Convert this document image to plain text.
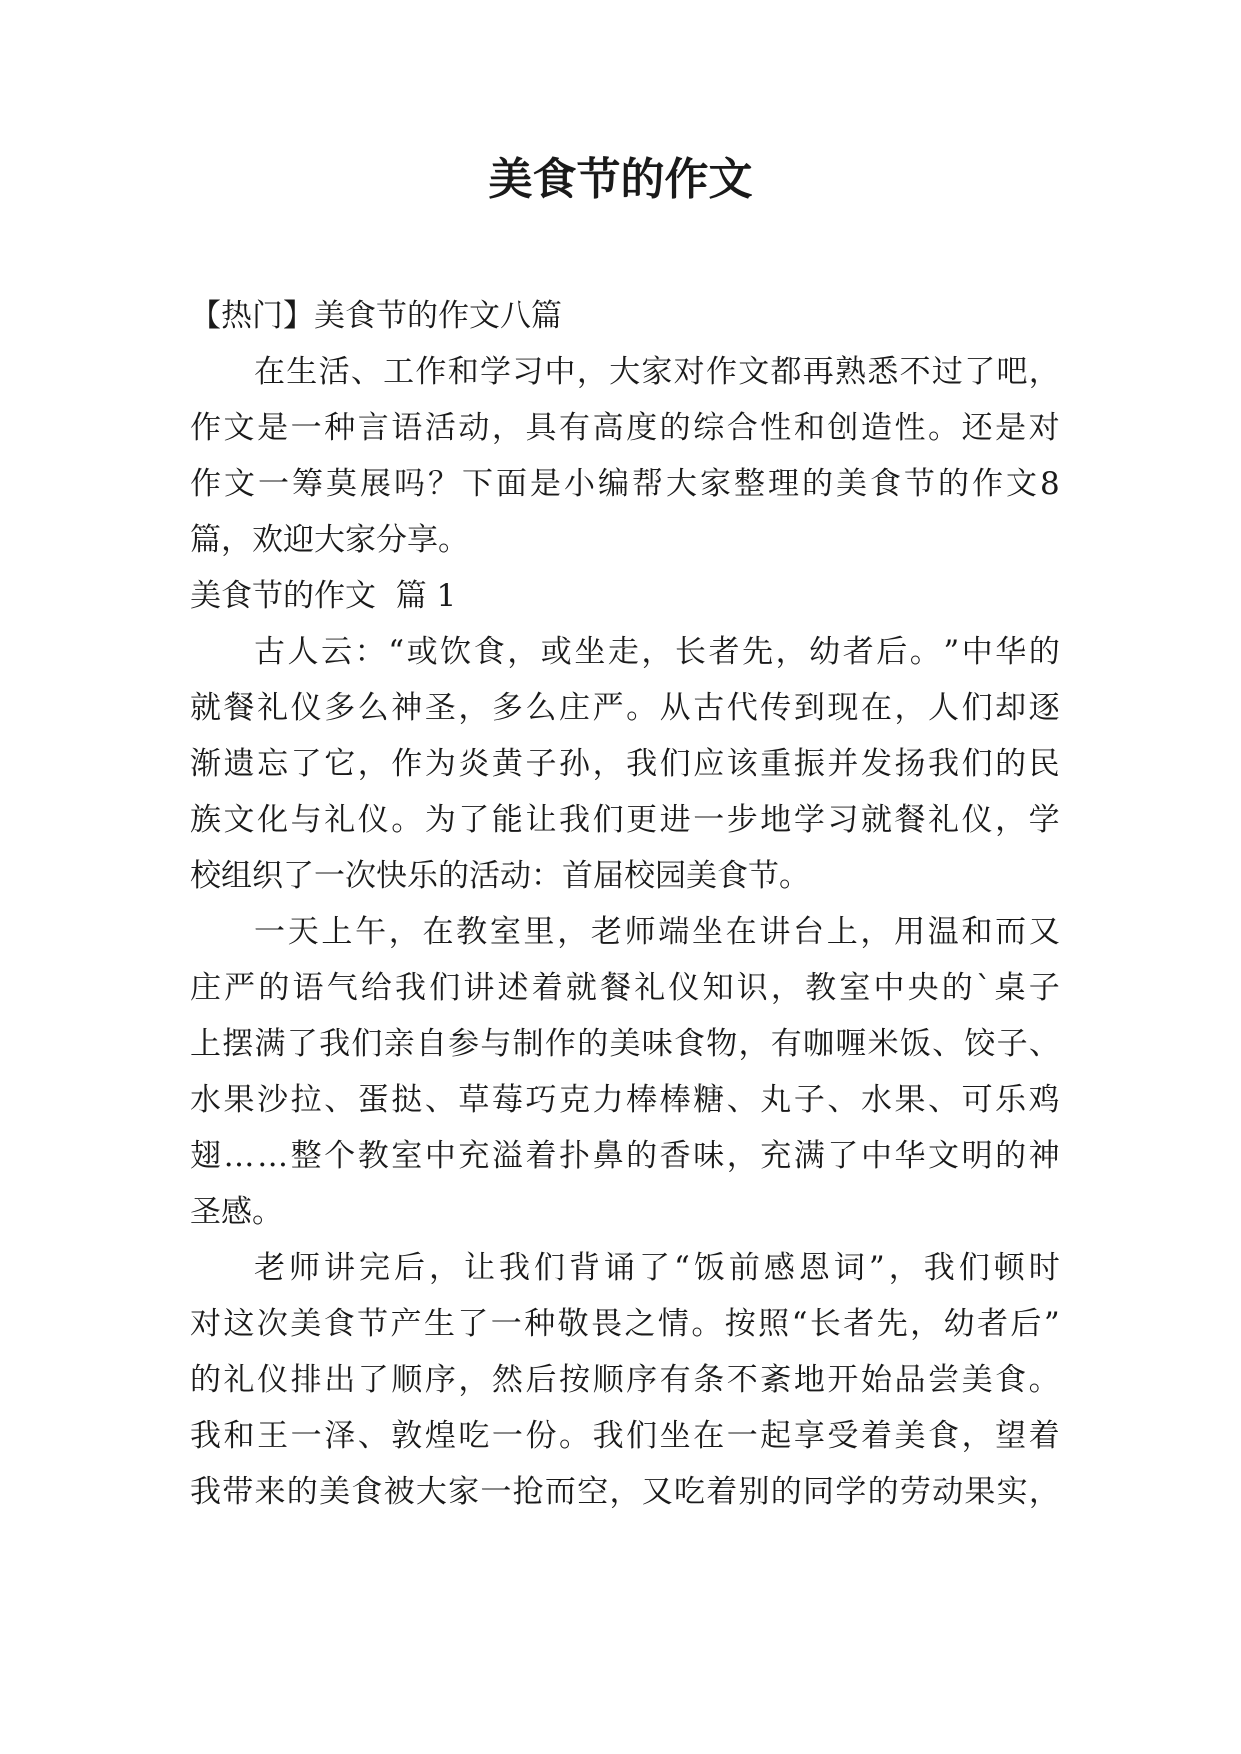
美食节的作文
【热门】美食节的作文八篇
在 生 活 、 工 作 和 学 习 中 ， 大 家 对 作 文 都 再 熟 悉 不 过 了 吧 ，
作 文 是 一 种 言 语 活 动 ， 具 有 高 度 的 综 合 性 和 创 造 性 。 还 是 对
作 文 一 筹 莫 展 吗 ？ 下 面 是 小 编 帮 大 家 整 理 的 美 食 节 的 作 文 8
篇，欢迎大家分享。
美食节的作文  篇 1
古 人 云 ： “ 或 饮 食 ， 或 坐 走 ， 长 者 先 ， 幼 者 后 。 ” 中 华 的
就 餐 礼 仪 多 么 神 圣 ， 多 么 庄 严 。 从 古 代 传 到 现 在 ， 人 们 却 逐
渐 遗 忘 了 它 ， 作 为 炎 黄 子 孙 ， 我 们 应 该 重 振 并 发 扬 我 们 的 民
族 文 化 与 礼 仪 。 为 了 能 让 我 们 更 进 一 步 地 学 习 就 餐 礼 仪 ， 学
校组织了一次快乐的活动：首届校园美食节。
一 天 上 午 ， 在 教 室 里 ， 老 师 端 坐 在 讲 台 上 ， 用 温 和 而 又
庄 严 的 语 气 给 我 们 讲 述 着 就 餐 礼 仪 知 识 ， 教 室 中 央 的 ` 桌 子
上 摆 满 了 我 们 亲 自 参 与 制 作 的 美 味 食 物 ， 有 咖 喱 米 饭 、 饺 子 、
水 果 沙 拉 、 蛋 挞 、 草 莓 巧 克 力 棒 棒 糖 、 丸 子 、 水 果 、 可 乐 鸡
翅 … … 整 个 教 室 中 充 溢 着 扑 鼻 的 香 味 ， 充 满 了 中 华 文 明 的 神
圣感。
老 师 讲 完 后 ， 让 我 们 背 诵 了 “ 饭 前 感 恩 词 ” ， 我 们 顿 时
对 这 次 美 食 节 产 生 了 一 种 敬 畏 之 情 。 按 照 “ 长 者 先 ， 幼 者 后 ”
的 礼 仪 排 出 了 顺 序 ， 然 后 按 顺 序 有 条 不 紊 地 开 始 品 尝 美 食 。
我 和 王 一 泽 、 敦 煌 吃 一 份 。 我 们 坐 在 一 起 享 受 着 美 食 ， 望 着
我 带 来 的 美 食 被 大 家 一 抢 而 空 ， 又 吃 着 别 的 同 学 的 劳 动 果 实 ，
